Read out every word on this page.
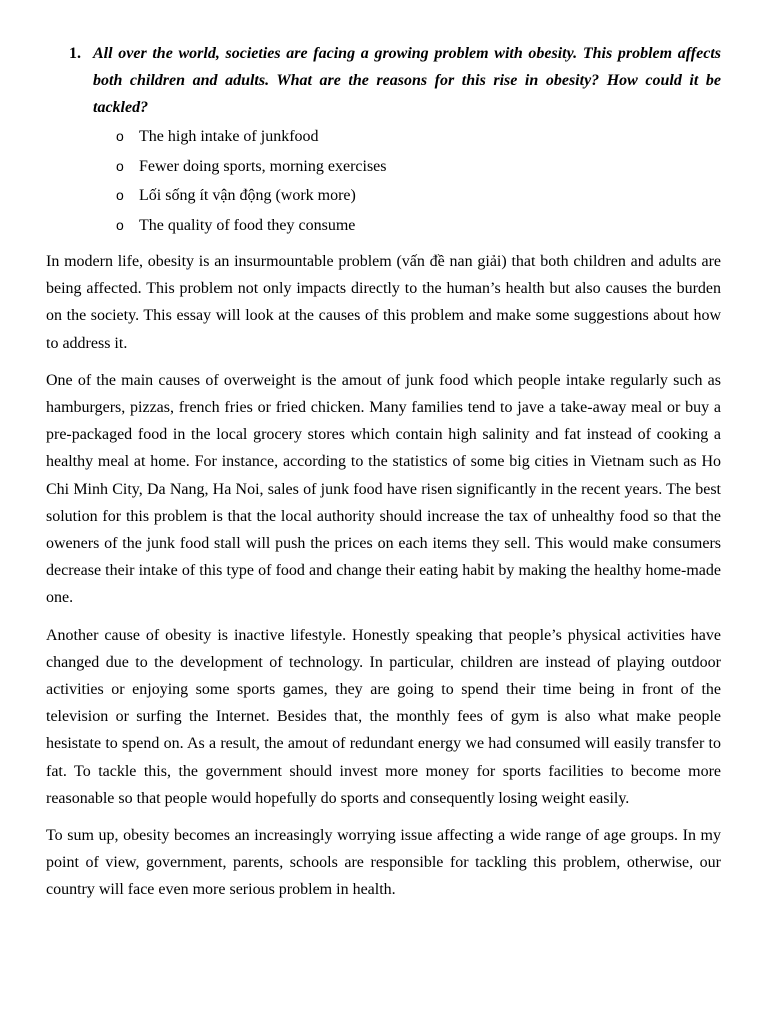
1. All over the world, societies are facing a growing problem with obesity. This problem affects both children and adults. What are the reasons for this rise in obesity? How could it be tackled?
o The high intake of junkfood
o Fewer doing sports, morning exercises
o Lối sống ít vận động (work more)
o The quality of food they consume

In modern life, obesity is an insurmountable problem (vấn đề nan giải) that both children and adults are being affected. This problem not only impacts directly to the human’s health but also causes the burden on the society. This essay will look at the causes of this problem and make some suggestions about how to address it.

One of the main causes of overweight is the amout of junk food which people intake regularly such as hamburgers, pizzas, french fries or fried chicken. Many families tend to jave a take-away meal or buy a pre-packaged food in the local grocery stores which contain high salinity and fat instead of cooking a healthy meal at home. For instance, according to the statistics of some big cities in Vietnam such as Ho Chi Minh City, Da Nang, Ha Noi, sales of junk food have risen significantly in the recent years. The best solution for this problem is that the local authority should increase the tax of unhealthy food so that the oweners of the junk food stall will push the prices on each items they sell. This would make consumers decrease their intake of this type of food and change their eating habit by making the healthy home-made one.

Another cause of obesity is inactive lifestyle. Honestly speaking that people’s physical activities have changed due to the development of technology. In particular, children are instead of playing outdoor activities or enjoying some sports games, they are going to spend their time being in front of the television or surfing the Internet. Besides that, the monthly fees of gym is also what make people hesistate to spend on. As a result, the amout of redundant energy we had consumed will easily transfer to fat. To tackle this, the government should invest more money for sports facilities to become more reasonable so that people would hopefully do sports and consequently losing weight easily.

To sum up, obesity becomes an increasingly worrying issue affecting a wide range of age groups. In my point of view, government, parents, schools are responsible for tackling this problem, otherwise, our country will face even more serious problem in health.
